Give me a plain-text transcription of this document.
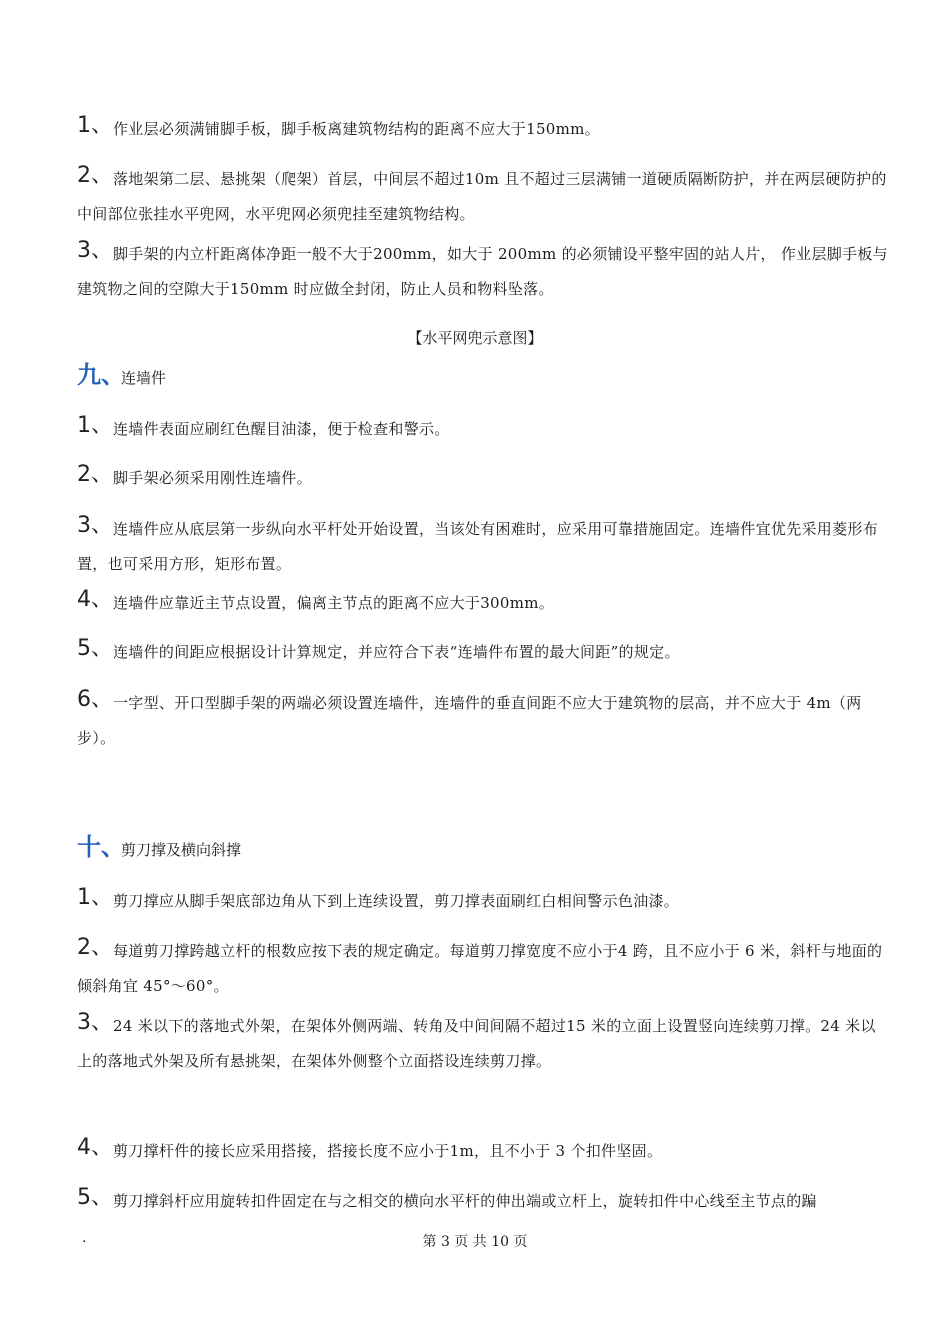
1、作业层必须满铺脚手板，脚手板离建筑物结构的距离不应大于150mm。
2、落地架第二层、悬挑架（爬架）首层，中间层不超过10m 且不超过三层满铺一道硬质隔断防护，并在两层硬防护的中间部位张挂水平兜网，水平兜网必须兜挂至建筑物结构。
3、脚手架的内立杆距离体净距一般不大于200mm，如大于 200mm 的必须铺设平整牢固的站人片， 作业层脚手板与建筑物之间的空隙大于150mm 时应做全封闭，防止人员和物料坠落。
【水平网兜示意图】
九、连墙件
1、连墙件表面应刷红色醒目油漆，便于检查和警示。
2、脚手架必须采用刚性连墙件。
3、连墙件应从底层第一步纵向水平杆处开始设置，当该处有困难时，应采用可靠措施固定。连墙件宜优先采用菱形布置，也可采用方形，矩形布置。
4、连墙件应靠近主节点设置，偏离主节点的距离不应大于300mm。
5、连墙件的间距应根据设计计算规定，并应符合下表“连墙件布置的最大间距”的规定。
6、一字型、开口型脚手架的两端必须设置连墙件，连墙件的垂直间距不应大于建筑物的层高，并不应大于 4m（两步）。
十、剪刀撑及横向斜撑
1、剪刀撑应从脚手架底部边角从下到上连续设置，剪刀撑表面刷红白相间警示色油漆。
2、每道剪刀撑跨越立杆的根数应按下表的规定确定。每道剪刀撑宽度不应小于4 跨，且不应小于 6 米，斜杆与地面的倾斜角宜 45°～60°。
3、24 米以下的落地式外架，在架体外侧两端、转角及中间间隔不超过15 米的立面上设置竖向连续剪刀撑。24 米以上的落地式外架及所有悬挑架，在架体外侧整个立面搭设连续剪刀撑。
4、剪刀撑杆件的接长应采用搭接，搭接长度不应小于1m，且不小于 3 个扣件坚固。
5、剪刀撑斜杆应用旋转扣件固定在与之相交的横向水平杆的伸出端或立杆上，旋转扣件中心线至主节点的蹁
·	第 3 页 共 10 页
